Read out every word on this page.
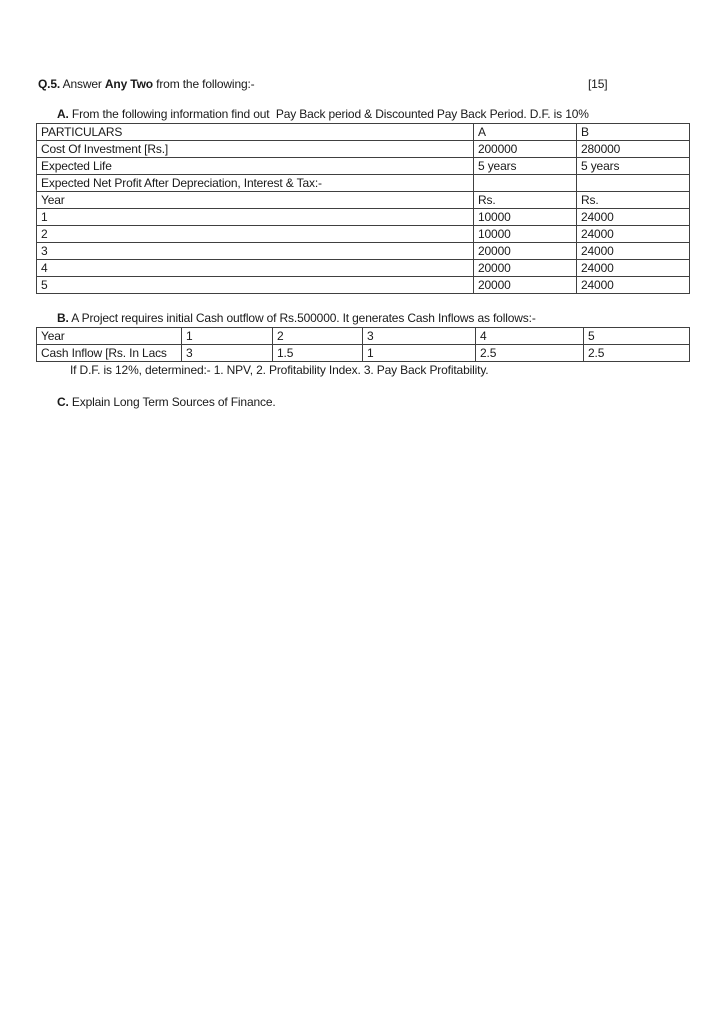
Q.5. Answer Any Two from the following:-	[15]
A. From the following information find out  Pay Back period & Discounted Pay Back Period. D.F. is 10%
PARTICULARS	A	B
Cost Of Investment [Rs.]	200000	280000
Expected Life	5 years	5 years
Expected Net Profit After Depreciation, Interest & Tax:-		
Year	Rs.	Rs.
1	10000	24000
2	10000	24000
3	20000	24000
4	20000	24000
5	20000	24000
B. A Project requires initial Cash outflow of Rs.500000. It generates Cash Inflows as follows:-
Year	1	2	3	4	5
Cash Inflow [Rs. In Lacs	3	1.5	1	2.5	2.5
If D.F. is 12%, determined:- 1. NPV, 2. Profitability Index. 3. Pay Back Profitability.
C. Explain Long Term Sources of Finance.
